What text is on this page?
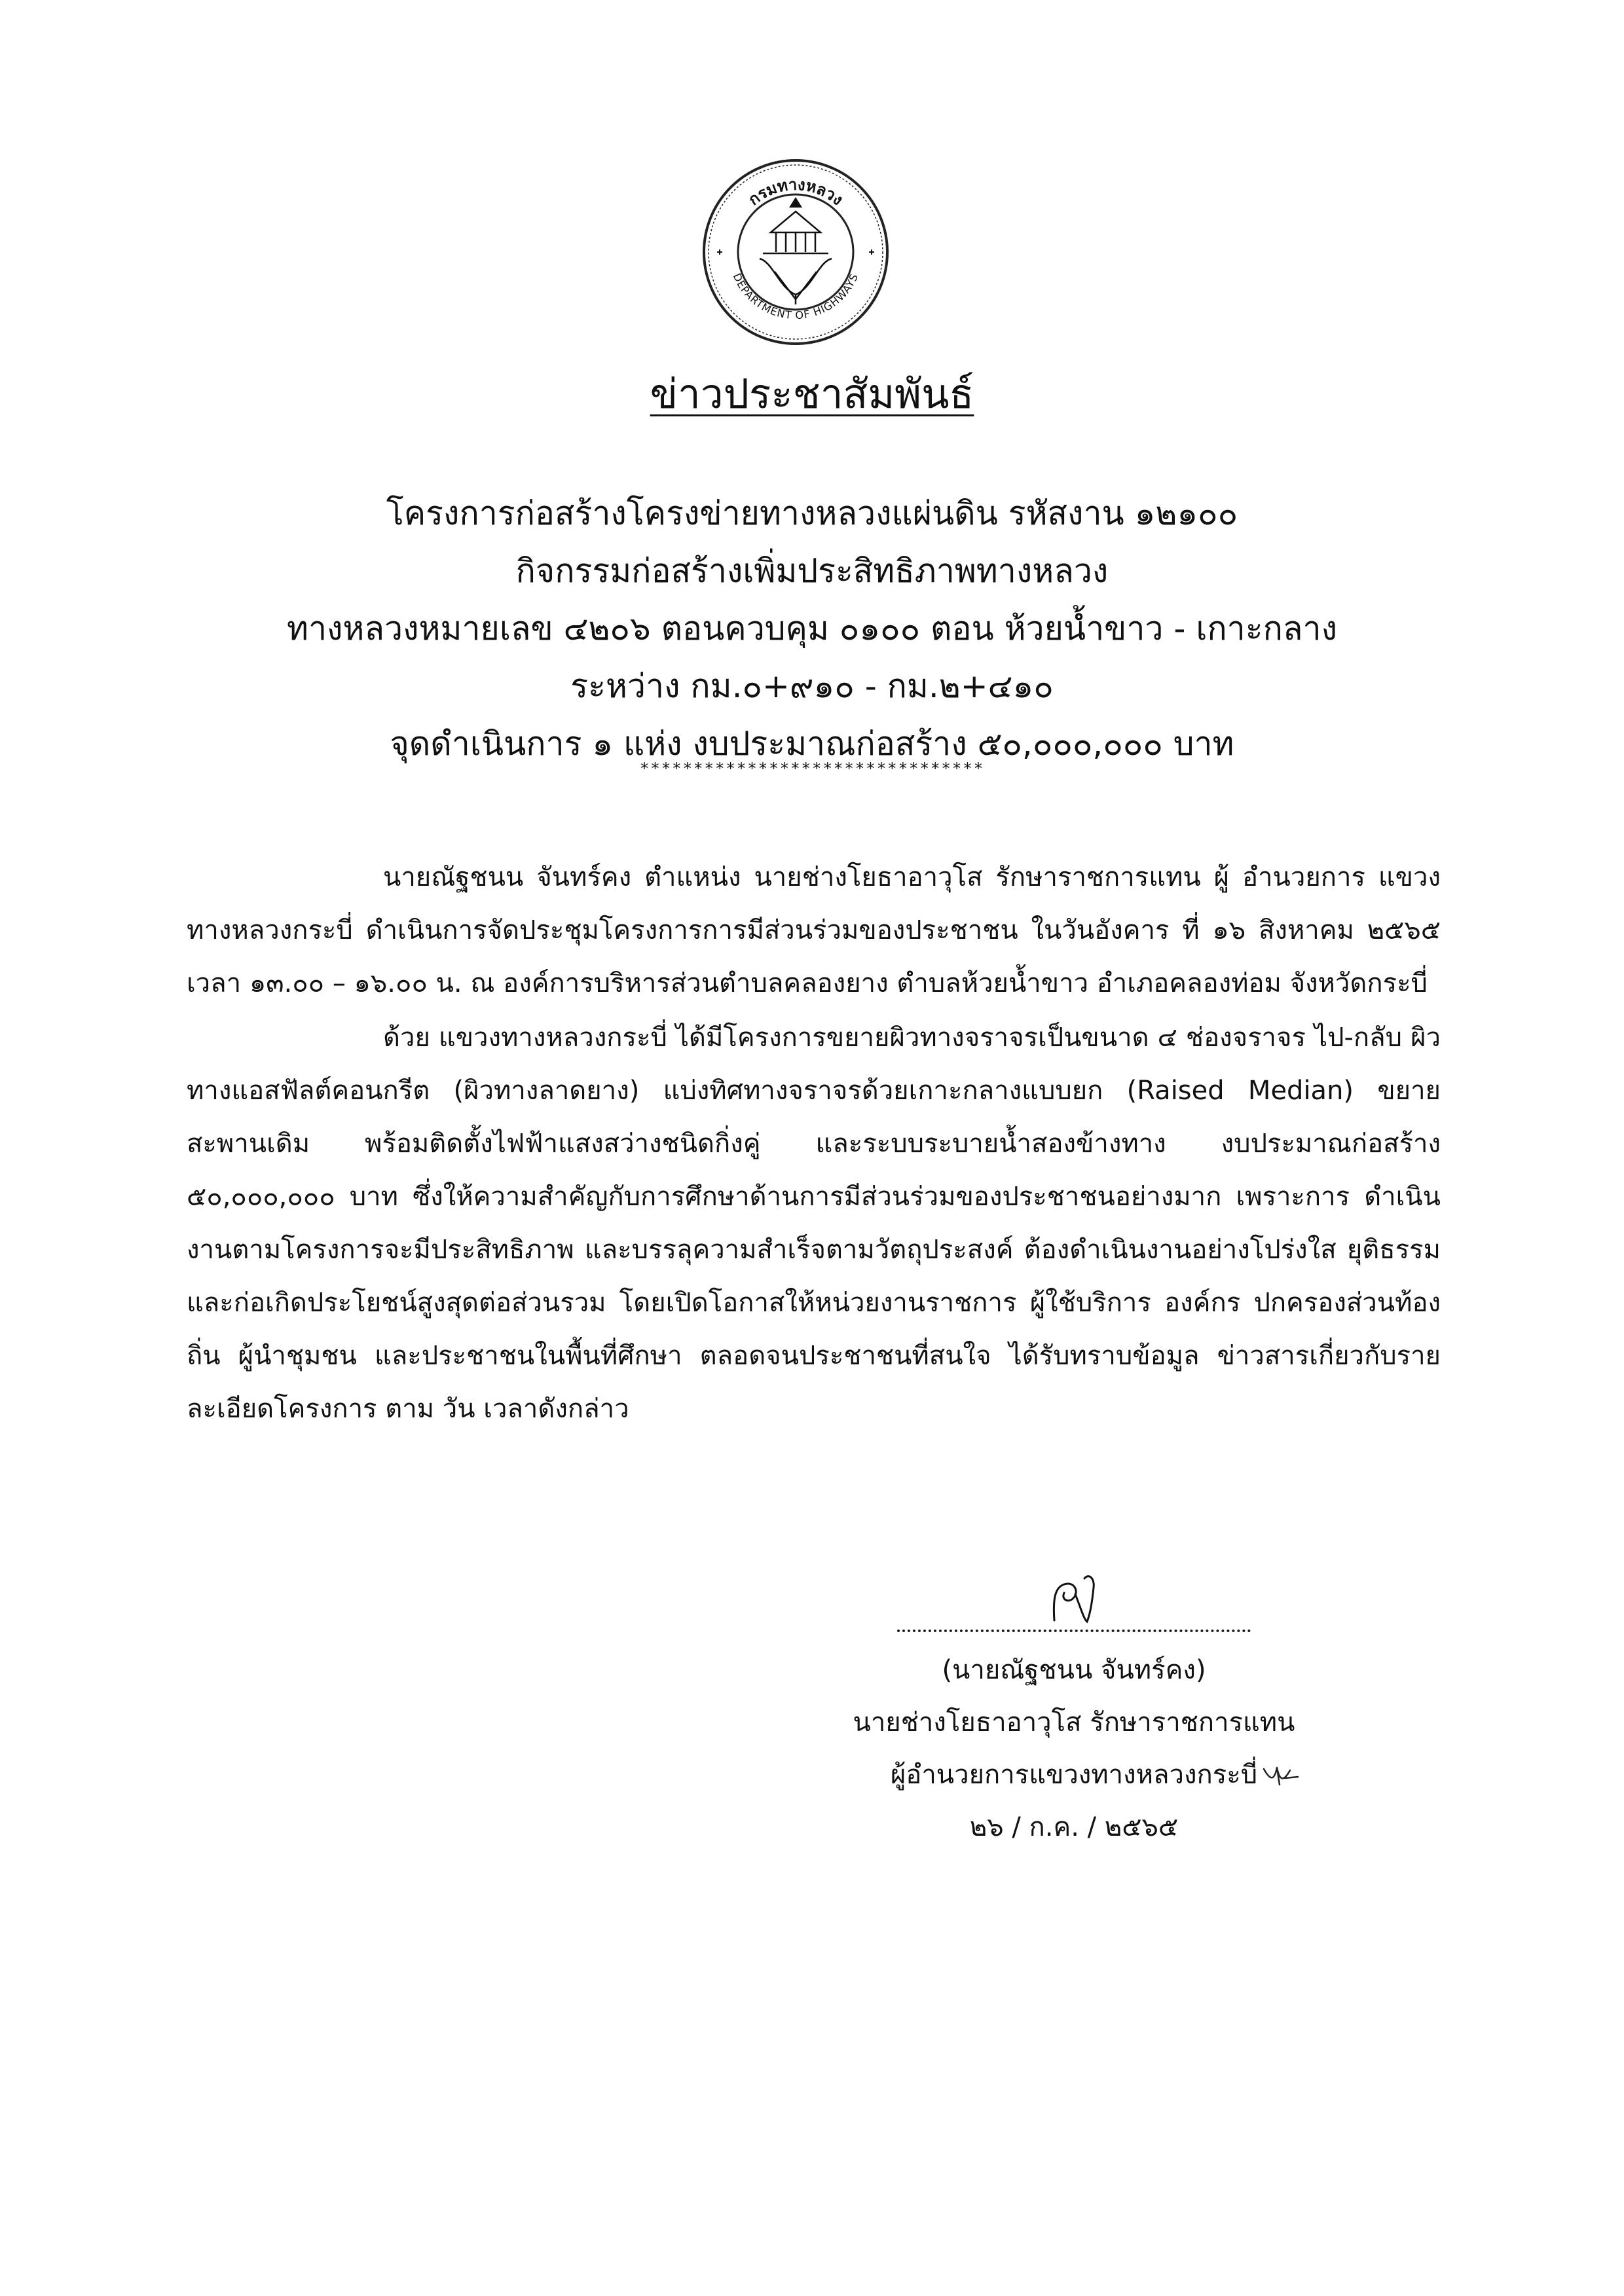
กรมทางหลวง
DEPARTMENT OF HIGHWAYS
ข่าวประชาสัมพันธ์
โครงการก่อสร้างโครงข่ายทางหลวงแผ่นดิน รหัสงาน ๑๒๑๐๐
กิจกรรมก่อสร้างเพิ่มประสิทธิภาพทางหลวง
ทางหลวงหมายเลข ๔๒๐๖ ตอนควบคุม ๐๑๐๐ ตอน ห้วยน้ำขาว - เกาะกลาง
ระหว่าง กม.๐+๙๑๐ - กม.๒+๔๑๐
จุดดำเนินการ ๑ แห่ง งบประมาณก่อสร้าง ๕๐,๐๐๐,๐๐๐ บาท
********************************

นายณัฐชนน จันทร์คง ตำแหน่ง นายช่างโยธาอาวุโส รักษาราชการแทน ผู้ อำนวยการ แขวงทางหลวงกระบี่ ดำเนินการจัดประชุมโครงการการมีส่วนร่วมของประชาชน ในวันอังคาร ที่ ๑๖ สิงหาคม ๒๕๖๕ เวลา ๑๓.๐๐ – ๑๖.๐๐ น. ณ องค์การบริหารส่วนตำบลคลองยาง ตำบลห้วยน้ำขาว อำเภอคลองท่อม จังหวัดกระบี่

ด้วย แขวงทางหลวงกระบี่ ได้มีโครงการขยายผิวทางจราจรเป็นขนาด ๔ ช่องจราจร ไป-กลับ ผิวทางแอสฟัลต์คอนกรีต (ผิวทางลาดยาง) แบ่งทิศทางจราจรด้วยเกาะกลางแบบยก (Raised Median) ขยาย สะพานเดิม พร้อมติดตั้งไฟฟ้าแสงสว่างชนิดกิ่งคู่ และระบบระบายน้ำสองข้างทาง งบประมาณก่อสร้าง ๕๐,๐๐๐,๐๐๐ บาท ซึ่งให้ความสำคัญกับการศึกษาด้านการมีส่วนร่วมของประชาชนอย่างมาก เพราะการ ดำเนินงานตามโครงการจะมีประสิทธิภาพ และบรรลุความสำเร็จตามวัตถุประสงค์ ต้องดำเนินงานอย่างโปร่งใส ยุติธรรม และก่อเกิดประโยชน์สูงสุดต่อส่วนรวม โดยเปิดโอกาสให้หน่วยงานราชการ ผู้ใช้บริการ องค์กร ปกครองส่วนท้องถิ่น ผู้นำชุมชน และประชาชนในพื้นที่ศึกษา ตลอดจนประชาชนที่สนใจ ได้รับทราบข้อมูล ข่าวสารเกี่ยวกับรายละเอียดโครงการ ตาม วัน เวลาดังกล่าว

(นายณัฐชนน จันทร์คง)
นายช่างโยธาอาวุโส รักษาราชการแทน
ผู้อำนวยการแขวงทางหลวงกระบี่
๒๖ / ก.ค. / ๒๕๖๕
